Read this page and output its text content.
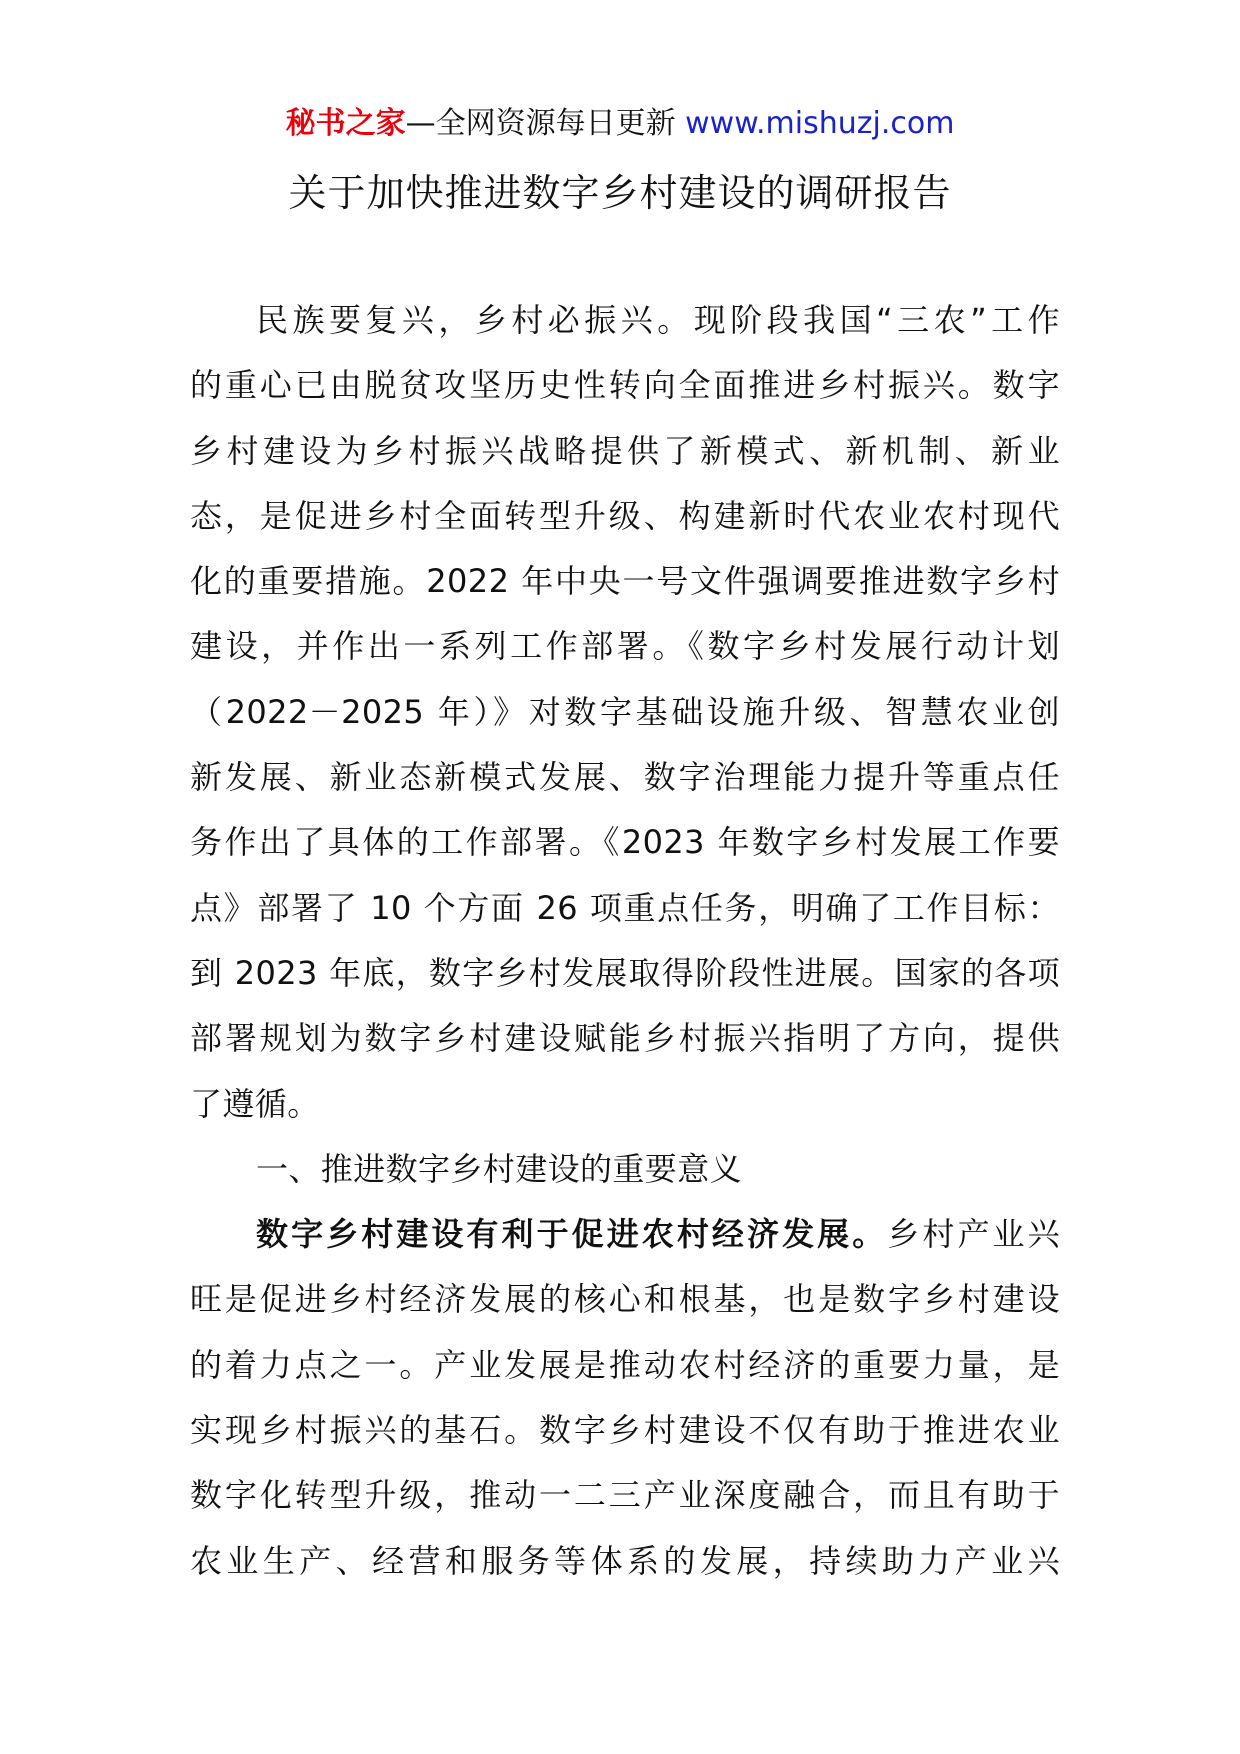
秘书之家—全网资源每日更新 www.mishuzj.com
关于加快推进数字乡村建设的调研报告
民族要复兴，乡村必振兴。现阶段我国“三农”工作
的重心已由脱贫攻坚历史性转向全面推进乡村振兴。数字
乡村建设为乡村振兴战略提供了新模式、新机制、新业
态，是促进乡村全面转型升级、构建新时代农业农村现代
化的重要措施。2022 年中央一号文件强调要推进数字乡村
建设，并作出一系列工作部署。《数字乡村发展行动计划
（2022－2025 年）》对数字基础设施升级、智慧农业创
新发展、新业态新模式发展、数字治理能力提升等重点任
务作出了具体的工作部署。《2023 年数字乡村发展工作要
点》部署了 10 个方面 26 项重点任务，明确了工作目标：
到 2023 年底，数字乡村发展取得阶段性进展。国家的各项
部署规划为数字乡村建设赋能乡村振兴指明了方向，提供
了遵循。
一、推进数字乡村建设的重要意义
数字乡村建设有利于促进农村经济发展。乡村产业兴
旺是促进乡村经济发展的核心和根基，也是数字乡村建设
的着力点之一。产业发展是推动农村经济的重要力量，是
实现乡村振兴的基石。数字乡村建设不仅有助于推进农业
数字化转型升级，推动一二三产业深度融合，而且有助于
农业生产、经营和服务等体系的发展，持续助力产业兴
